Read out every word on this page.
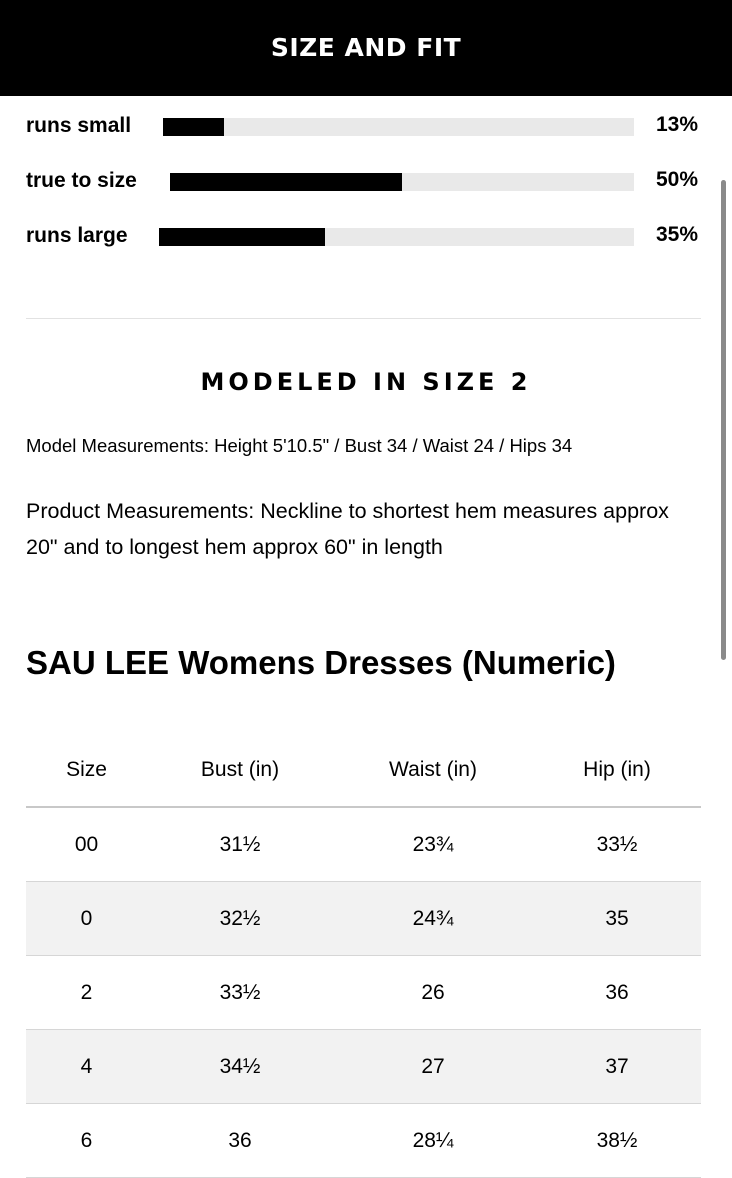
SIZE AND FIT
runs small	13%
true to size	50%
runs large	35%
MODELED IN SIZE 2
Model Measurements: Height 5'10.5" / Bust 34 / Waist 24 / Hips 34
Product Measurements: Neckline to shortest hem measures approx 20" and to longest hem approx 60" in length
SAU LEE Womens Dresses (Numeric)
Size	Bust (in)	Waist (in)	Hip (in)
00	31½	23¾	33½
0	32½	24¾	35
2	33½	26	36
4	34½	27	37
6	36	28¼	38½
